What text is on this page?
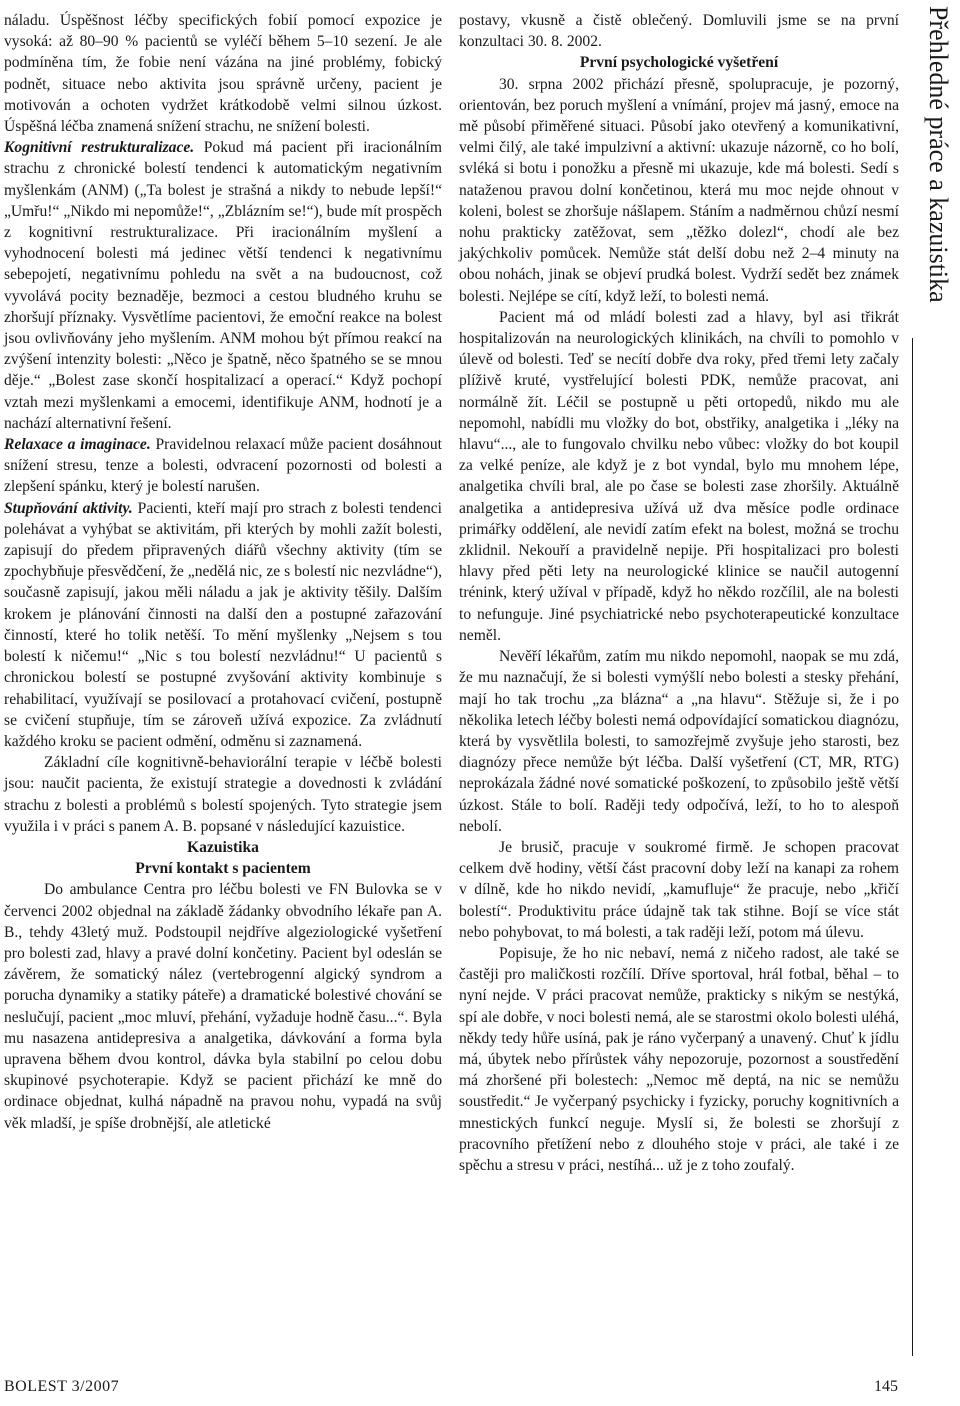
náladu. Úspěšnost léčby specifických fobií pomocí expozice je vysoká: až 80–90 % pacientů se vyléčí během 5–10 sezení. Je ale podmíněna tím, že fobie není vázána na jiné problémy, fobický podnět, situace nebo aktivita jsou správně určeny, pacient je motivován a ochoten vydržet krátkodobě velmi silnou úzkost. Úspěšná léčba znamená snížení strachu, ne snížení bolesti.

Kognitivní restrukturalizace. Pokud má pacient při iracionálním strachu z chronické bolestí tendenci k automatickým negativním myšlenkám (ANM) („Ta bolest je strašná a nikdy to nebude lepší!“ „Umřu!“ „Nikdo mi nepomůže!“, „Zblázním se!“), bude mít prospěch z kognitivní restrukturalizace. Při iracionálním myšlení a vyhodnocení bolesti má jedinec větší tendenci k negativnímu sebepojetí, negativnímu pohledu na svět a na budoucnost, což vyvolává pocity beznaděje, bezmoci a cestou bludného kruhu se zhoršují příznaky. Vysvětlíme pacientovi, že emoční reakce na bolest jsou ovlivňovány jeho myšlením. ANM mohou být přímou reakcí na zvýšení intenzity bolesti: „Něco je špatně, něco špatného se se mnou děje.“ „Bolest zase skončí hospitalizací a operací.“ Když pochopí vztah mezi myšlenkami a emocemi, identifikuje ANM, hodnotí je a nachází alternativní řešení.

Relaxace a imaginace. Pravidelnou relaxací může pacient dosáhnout snížení stresu, tenze a bolesti, odvracení pozornosti od bolesti a zlepšení spánku, který je bolestí narušen.

Stupňování aktivity. Pacienti, kteří mají pro strach z bolesti tendenci polehávat a vyhýbat se aktivitám, při kterých by mohli zažít bolesti, zapisují do předem připravených diářů všechny aktivity (tím se zpochybňuje přesvědčení, že „nedělá nic, ze s bolestí nic nezvládne“), současně zapisují, jakou měli náladu a jak je aktivity těšily. Dalším krokem je plánování činnosti na další den a postupné zařazování činností, které ho tolik netěší. To mění myšlenky „Nejsem s tou bolestí k ničemu!“ „Nic s tou bolestí nezvládnu!“ U pacientů s chronickou bolestí se postupné zvyšování aktivity kombinuje s rehabilitací, využívají se posilovací a protahovací cvičení, postupně se cvičení stupňuje, tím se zároveň užívá expozice. Za zvládnutí každého kroku se pacient odmění, odměnu si zaznamená.

Základní cíle kognitivně-behaviorální terapie v léčbě bolesti jsou: naučit pacienta, že existují strategie a dovednosti k zvládání strachu z bolesti a problémů s bolestí spojených. Tyto strategie jsem využila i v práci s panem A. B. popsané v následující kazuistice.

Kazuistika

První kontakt s pacientem

Do ambulance Centra pro léčbu bolesti ve FN Bulovka se v červenci 2002 objednal na základě žádanky obvodního lékaře pan A. B., tehdy 43letý muž. Podstoupil nejdříve algeziologické vyšetření pro bolesti zad, hlavy a pravé dolní končetiny. Pacient byl odeslán se závěrem, že somatický nález (vertebrogenní algický syndrom a porucha dynamiky a statiky páteře) a dramatické bolestivé chování se neslučují, pacient „moc mluví, přehání, vyžaduje hodně času...“. Byla mu nasazena antidepresiva a analgetika, dávkování a forma byla upravena během dvou kontrol, dávka byla stabilní po celou dobu skupinové psychoterapie. Když se pacient přichází ke mně do ordinace objednat, kulhá nápadně na pravou nohu, vypadá na svůj věk mladší, je spíše drobnější, ale atletické

postavy, vkusně a čistě oblečený. Domluvili jsme se na první konzultaci 30. 8. 2002.

První psychologické vyšetření

30. srpna 2002 přichází přesně, spolupracuje, je pozorný, orientován, bez poruch myšlení a vnímání, projev má jasný, emoce na mě působí přiměřené situaci. Působí jako otevřený a komunikativní, velmi čilý, ale také impulzivní a aktivní: ukazuje názorně, co ho bolí, svléká si botu i ponožku a přesně mi ukazuje, kde má bolesti. Sedí s nataženou pravou dolní končetinou, která mu moc nejde ohnout v koleni, bolest se zhoršuje nášlapem. Stáním a nadměrnou chůzí nesmí nohu prakticky zatěžovat, sem „těžko dolezl“, chodí ale bez jakýchkoliv pomůcek. Nemůže stát delší dobu než 2–4 minuty na obou nohách, jinak se objeví prudká bolest. Vydrží sedět bez známek bolesti. Nejlépe se cítí, když leží, to bolesti nemá.

Pacient má od mládí bolesti zad a hlavy, byl asi třikrát hospitalizován na neurologických klinikách, na chvíli to pomohlo v úlevě od bolesti. Teď se necítí dobře dva roky, před třemi lety začaly plíživě kruté, vystřelující bolesti PDK, nemůže pracovat, ani normálně žít. Léčil se postupně u pěti ortopedů, nikdo mu ale nepomohl, nabídli mu vložky do bot, obstřiky, analgetika i „léky na hlavu“..., ale to fungovalo chvilku nebo vůbec: vložky do bot koupil za velké peníze, ale když je z bot vyndal, bylo mu mnohem lépe, analgetika chvíli bral, ale po čase se bolesti zase zhoršily. Aktuálně analgetika a antidepresiva užívá už dva měsíce podle ordinace primářky oddělení, ale nevidí zatím efekt na bolest, možná se trochu zklidnil. Nekouří a pravidelně nepije. Při hospitalizaci pro bolesti hlavy před pěti lety na neurologické klinice se naučil autogenní trénink, který užíval v případě, když ho někdo rozčílil, ale na bolesti to nefunguje. Jiné psychiatrické nebo psychoterapeutické konzultace neměl.

Nevěří lékařům, zatím mu nikdo nepomohl, naopak se mu zdá, že mu naznačují, že si bolesti vymýšlí nebo bolesti a stesky přehání, mají ho tak trochu „za blázna“ a „na hlavu“. Stěžuje si, že i po několika letech léčby bolesti nemá odpovídající somatickou diagnózu, která by vysvětlila bolesti, to samozřejmě zvyšuje jeho starosti, bez diagnózy přece nemůže být léčba. Další vyšetření (CT, MR, RTG) neprokázala žádné nové somatické poškození, to způsobilo ještě větší úzkost. Stále to bolí. Raději tedy odpočívá, leží, to ho to alespoň nebolí.

Je brusič, pracuje v soukromé firmě. Je schopen pracovat celkem dvě hodiny, větší část pracovní doby leží na kanapi za rohem v dílně, kde ho nikdo nevidí, „kamufluje“ že pracuje, nebo „křičí bolestí“. Produktivitu práce údajně tak tak stihne. Bojí se více stát nebo pohybovat, to má bolesti, a tak raději leží, potom má úlevu.

Popisuje, že ho nic nebaví, nemá z ničeho radost, ale také se častěji pro maličkosti rozčílí. Dříve sportoval, hrál fotbal, běhal – to nyní nejde. V práci pracovat nemůže, prakticky s nikým se nestýká, spí ale dobře, v noci bolesti nemá, ale se starostmi okolo bolesti uléhá, někdy tedy hůře usíná, pak je ráno vyčerpaný a unavený. Chuť k jídlu má, úbytek nebo přírůstek váhy nepozoruje, pozornost a soustředění má zhoršené při bolestech: „Nemoc mě deptá, na nic se nemůžu soustředit.“ Je vyčerpaný psychicky i fyzicky, poruchy kognitivních a mnestických funkcí neguje. Myslí si, že bolesti se zhoršují z pracovního přetížení nebo z dlouhého stoje v práci, ale také i ze spěchu a stresu v práci, nestíhá... už je z toho zoufalý.

Přehledné práce a kazuistika
BOLEST 3/2007	145
